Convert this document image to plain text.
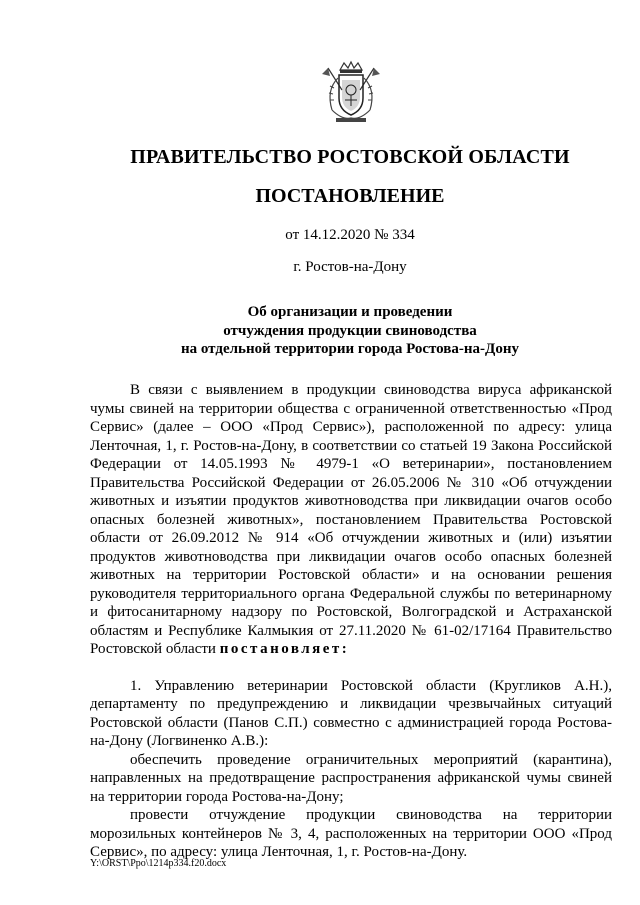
ПРАВИТЕЛЬСТВО РОСТОВСКОЙ ОБЛАСТИ
ПОСТАНОВЛЕНИЕ
от 14.12.2020 № 334
г. Ростов-на-Дону
Об организации и проведении
отчуждения продукции свиноводства
на отдельной территории города Ростова-на-Дону

В связи с выявлением в продукции свиноводства вируса африканской чумы свиней на территории общества с ограниченной ответственностью «Прод Сервис» (далее – ООО «Прод Сервис»), расположенной по адресу: улица Ленточная, 1, г. Ростов-на-Дону, в соответствии со статьей 19 Закона Российской Федерации от 14.05.1993 № 4979-1 «О ветеринарии», постановлением Правительства Российской Федерации от 26.05.2006 № 310 «Об отчуждении животных и изъятии продуктов животноводства при ликвидации очагов особо опасных болезней животных», постановлением Правительства Ростовской области от 26.09.2012 № 914 «Об отчуждении животных и (или) изъятии продуктов животноводства при ликвидации очагов особо опасных болезней животных на территории Ростовской области» и на основании решения руководителя территориального органа Федеральной службы по ветеринарному и фитосанитарному надзору по Ростовской, Волгоградской и Астраханской областям и Республике Калмыкия от 27.11.2020 № 61-02/17164 Правительство Ростовской области постановляет:

1. Управлению ветеринарии Ростовской области (Кругликов А.Н.), департаменту по предупреждению и ликвидации чрезвычайных ситуаций Ростовской области (Панов С.П.) совместно с администрацией города Ростова-на-Дону (Логвиненко А.В.):

обеспечить проведение ограничительных мероприятий (карантина), направленных на предотвращение распространения африканской чумы свиней на территории города Ростова-на-Дону;

провести отчуждение продукции свиноводства на территории морозильных контейнеров № 3, 4, расположенных на территории ООО «Прод Сервис», по адресу: улица Ленточная, 1, г. Ростов-на-Дону.

Y:\ORST\Ppo\1214p334.f20.docx
